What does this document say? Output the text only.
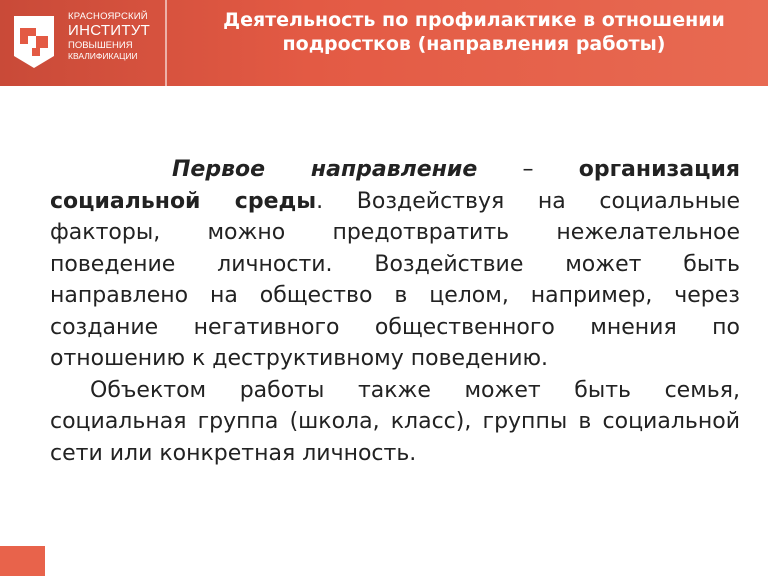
КРАСНОЯРСКИЙ
ИНСТИТУТ
ПОВЫШЕНИЯ
КВАЛИФИКАЦИИ
Деятельность по профилактике в отношении подростков (направления работы)

Первое направление – организация социальной среды. Воздействуя на социальные факторы, можно предотвратить нежелательное поведение личности. Воздействие может быть направлено на общество в целом, например, через создание негативного общественного мнения по отношению к деструктивному поведению.

Объектом работы также может быть семья, социальная группа (школа, класс), группы в социальной сети или конкретная личность.
